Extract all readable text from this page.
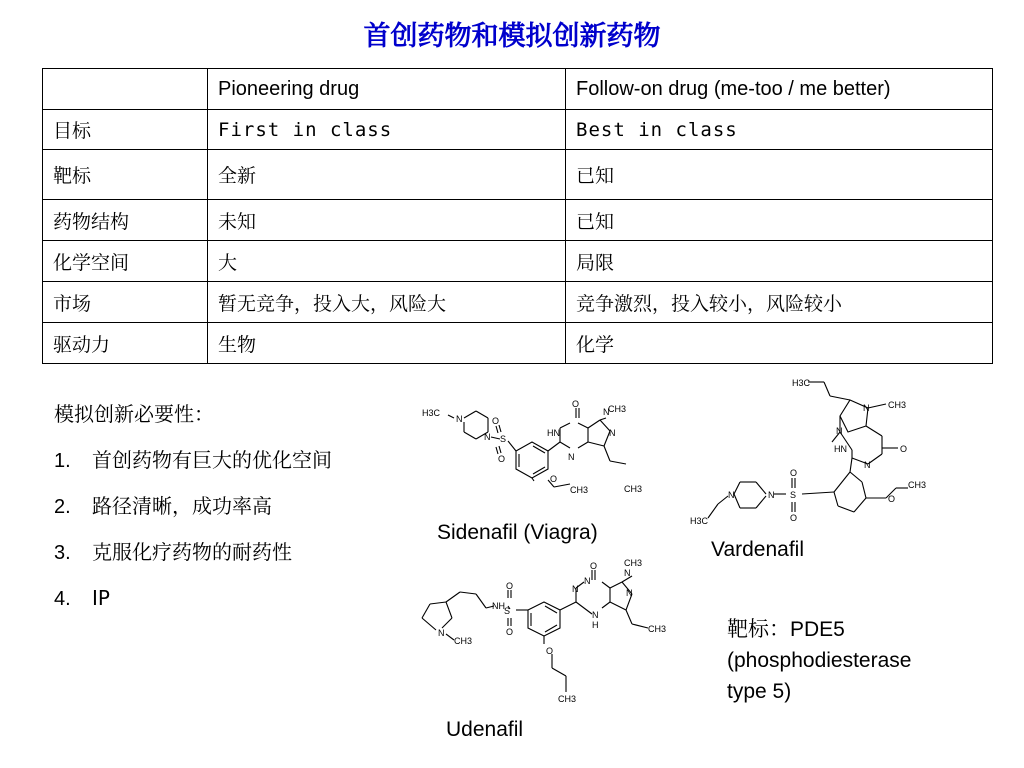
首创药物和模拟创新药物
	Pioneering drug	Follow-on drug (me-too / me better)
目标	First in class	Best in class
靶标	全新	已知
药物结构	未知	已知
化学空间	大	局限
市场	暂无竞争，投入大，风险大	竞争激烈，投入较小，风险较小
驱动力	生物	化学
模拟创新必要性：
1. 首创药物有巨大的优化空间
2. 路径清晰，成功率高
3. 克服化疗药物的耐药性
4. IP
H3C
N
N S
O
O
HN
N
O
N
CH3
N
O
CH3
CH3
Sidenafil (Viagra)
H3C
N CH3
N
HN	O
N
O
CH3
S
O
O
N
N
H3C
Vardenafil
N
CH3
NH S
O
O
O
CH3
N
N
O
N
H
N
N
CH3
CH3
Udenafil
靶标：PDE5
(phosphodiesterase
type 5)
